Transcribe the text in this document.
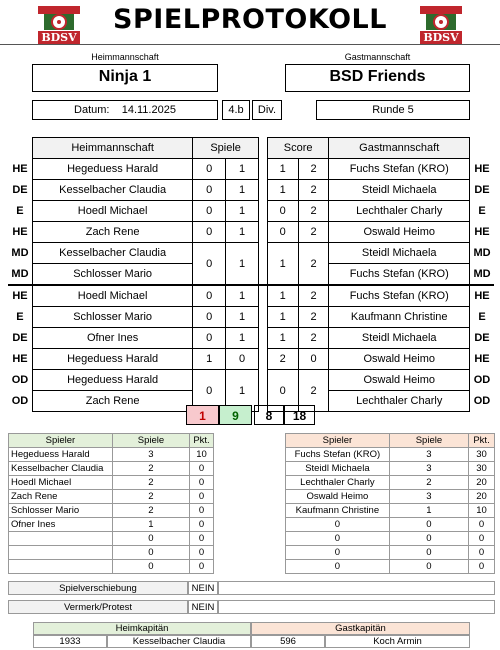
BDSV	BDSV
SPIELPROTOKOLL
Heimmannschaft	Gastmannschaft
Ninja 1	BSD Friends
Datum: 14.11.2025	4.b	Div.	Runde 5
	Heimmannschaft	Spiele			Score		Gastmannschaft	
HE	Hegeduess Harald	0	1		1	2	Fuchs Stefan (KRO)	HE
DE	Kesselbacher Claudia	0	1		1	2	Steidl Michaela	DE
E	Hoedl Michael	0	1		0	2	Lechthaler Charly	E
HE	Zach Rene	0	1		0	2	Oswald Heimo	HE
MD	Kesselbacher Claudia	0	1		1	2	Steidl Michaela	MD
MD	Schlosser Mario						Fuchs Stefan (KRO)	MD
HE	Hoedl Michael	0	1		1	2	Fuchs Stefan (KRO)	HE
E	Schlosser Mario	0	1		1	2	Kaufmann Christine	E
DE	Ofner Ines	0	1		1	2	Steidl Michaela	DE
HE	Hegeduess Harald	1	0		2	0	Oswald Heimo	HE
OD	Hegeduess Harald	0	1		0	2	Oswald Heimo	OD
OD	Zach Rene						Lechthaler Charly	OD
1	9	8	18
Spieler	Spiele	Pkt.
Hegeduess Harald	3	10
Kesselbacher Claudia	2	0
Hoedl Michael	2	0
Zach Rene	2	0
Schlosser Mario	2	0
Ofner Ines	1	0
	0	0
	0	0
	0	0
Spieler	Spiele	Pkt.
Fuchs Stefan (KRO)	3	30
Steidl Michaela	3	30
Lechthaler Charly	2	20
Oswald Heimo	3	20
Kaufmann Christine	1	10
0	0	0
0	0	0
0	0	0
0	0	0
Spielverschiebung	NEIN
Vermerk/Protest	NEIN
Heimkapitän	Gastkapitän
1933	Kesselbacher Claudia	596	Koch Armin
